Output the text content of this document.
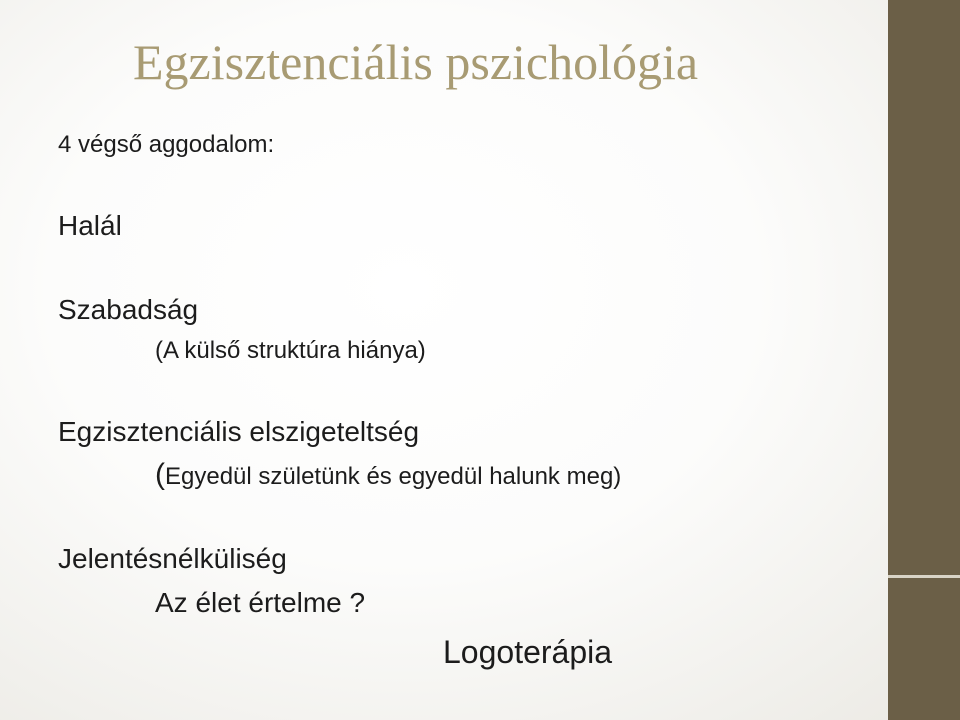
Egzisztenciális pszichológia
4 végső aggodalom:
Halál
Szabadság
(A külső struktúra hiánya)
Egzisztenciális elszigeteltség
(Egyedül születünk és egyedül halunk meg)
Jelentésnélküliség
Az élet értelme ?
Logoterápia
